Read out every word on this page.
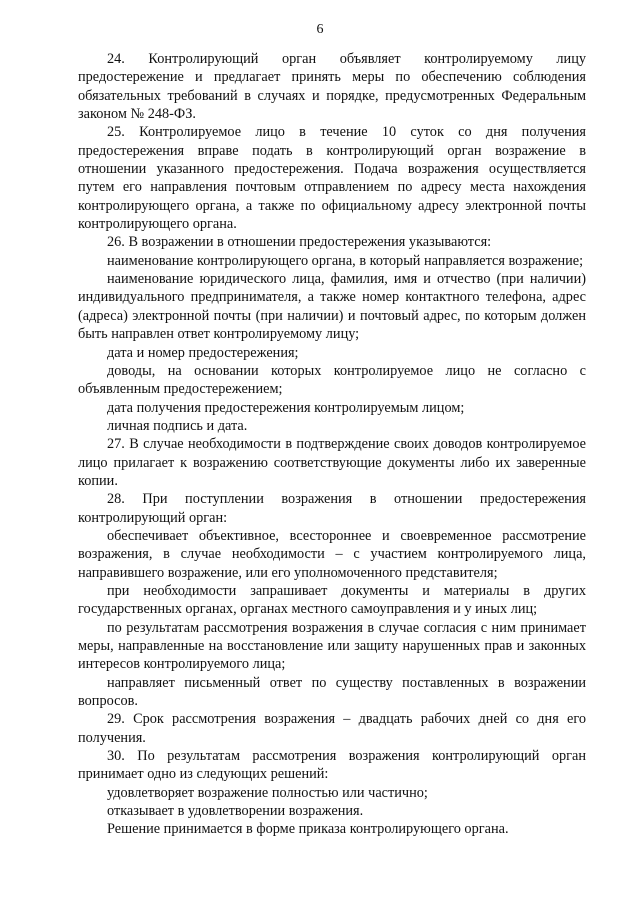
6

24. Контролирующий орган объявляет контролируемому лицу предостережение и предлагает принять меры по обеспечению соблюдения обязательных требований в случаях и порядке, предусмотренных Федеральным законом № 248-ФЗ.

25. Контролируемое лицо в течение 10 суток со дня получения предостережения вправе подать в контролирующий орган возражение в отношении указанного предостережения. Подача возражения осуществляется путем его направления почтовым отправлением по адресу места нахождения контролирующего органа, а также по официальному адресу электронной почты контролирующего органа.

26. В возражении в отношении предостережения указываются:

наименование контролирующего органа, в который направляется возражение;

наименование юридического лица, фамилия, имя и отчество (при наличии) индивидуального предпринимателя, а также номер контактного телефона, адрес (адреса) электронной почты (при наличии) и почтовый адрес, по которым должен быть направлен ответ контролируемому лицу;

дата и номер предостережения;

доводы, на основании которых контролируемое лицо не согласно с объявленным предостережением;

дата получения предостережения контролируемым лицом;

личная подпись и дата.

27. В случае необходимости в подтверждение своих доводов контролируемое лицо прилагает к возражению соответствующие документы либо их заверенные копии.

28. При поступлении возражения в отношении предостережения контролирующий орган:

обеспечивает объективное, всестороннее и своевременное рассмотрение возражения, в случае необходимости – с участием контролируемого лица, направившего возражение, или его уполномоченного представителя;

при необходимости запрашивает документы и материалы в других государственных органах, органах местного самоуправления и у иных лиц;

по результатам рассмотрения возражения в случае согласия с ним принимает меры, направленные на восстановление или защиту нарушенных прав и законных интересов контролируемого лица;

направляет письменный ответ по существу поставленных в возражении вопросов.

29. Срок рассмотрения возражения – двадцать рабочих дней со дня его получения.

30. По результатам рассмотрения возражения контролирующий орган принимает одно из следующих решений:

удовлетворяет возражение полностью или частично;

отказывает в удовлетворении возражения.

Решение принимается в форме приказа контролирующего органа.
